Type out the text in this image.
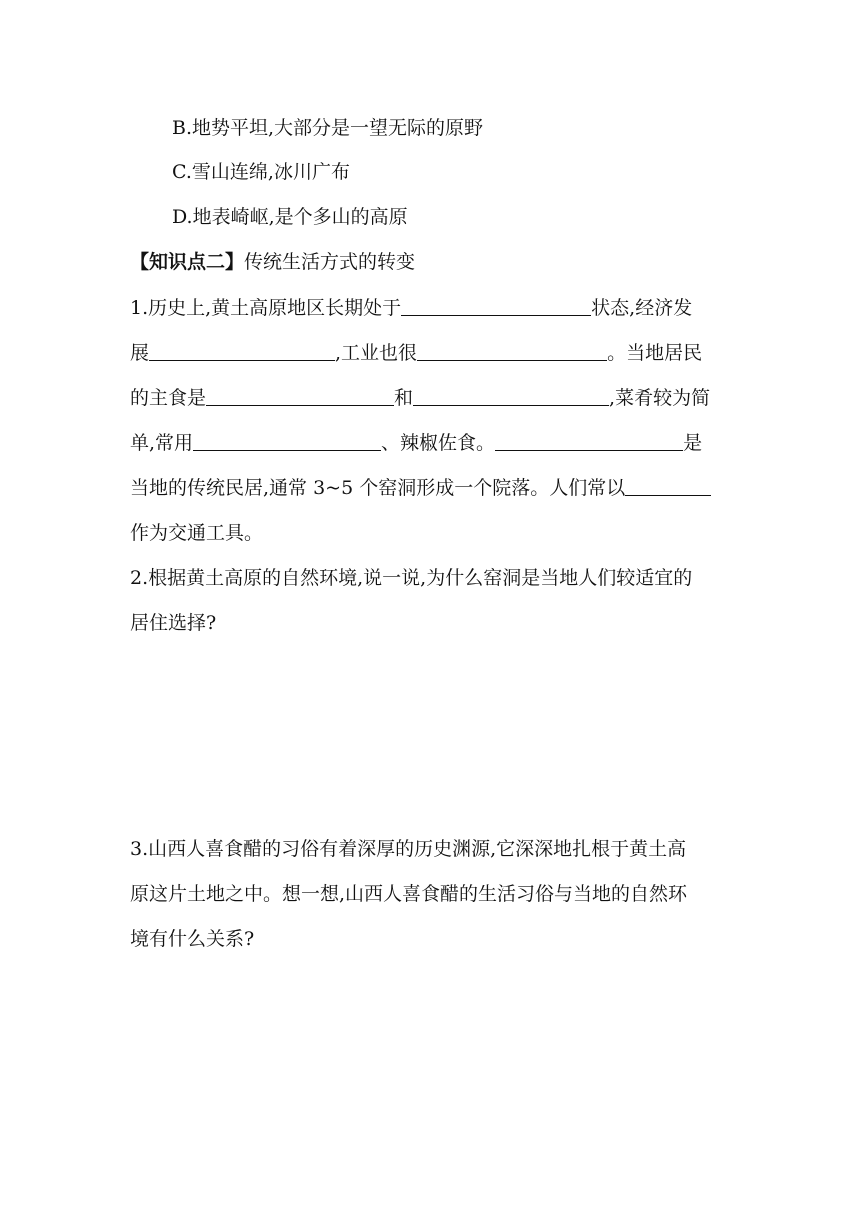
B.地势平坦,大部分是一望无际的原野
C.雪山连绵,冰川广布
D.地表崎岖,是个多山的高原
【知识点二】传统生活方式的转变
1.历史上,黄土高原地区长期处于	状态,经济发
展	,工业也很	。当地居民
的主食是	和	,菜肴较为简
单,常用	、辣椒佐食。	是
当地的传统民居,通常 3~5 个窑洞形成一个院落。人们常以
作为交通工具。
2.根据黄土高原的自然环境,说一说,为什么窑洞是当地人们较适宜的
居住选择?
3.山西人喜食醋的习俗有着深厚的历史渊源,它深深地扎根于黄土高
原这片土地之中。想一想,山西人喜食醋的生活习俗与当地的自然环
境有什么关系?
